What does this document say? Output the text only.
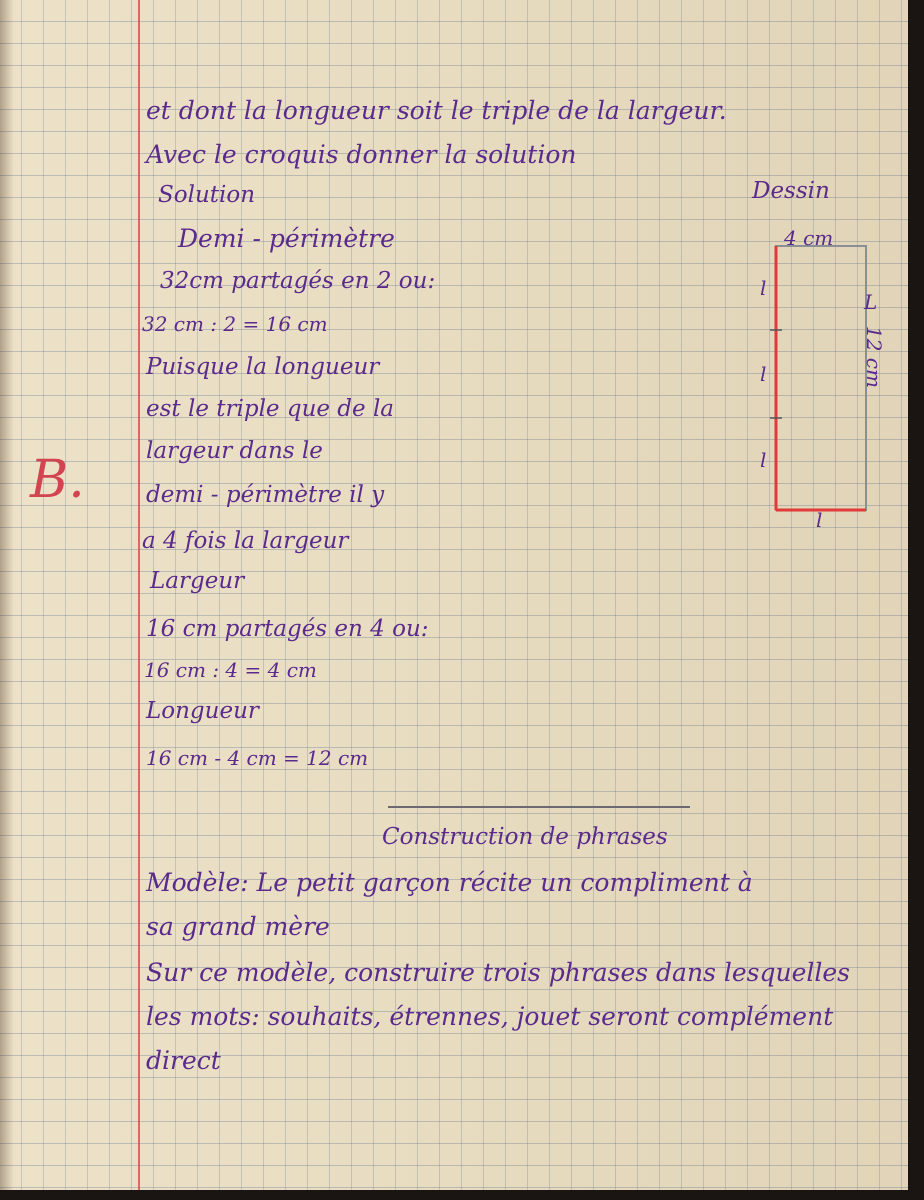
et dont la longueur soit le triple de la largeur.
Avec le croquis donner la solution
Solution
Demi - périmètre
32cm partagés en 2 ou:
32 cm : 2 = 16 cm
Puisque la longueur
est le triple que de la
largeur dans le
demi - périmètre il y
a 4 fois la largeur
Largeur
16 cm partagés en 4 ou:
16 cm : 4 = 4 cm
Longueur
16 cm - 4 cm = 12 cm
B.
Construction de phrases
Modèle: Le petit garçon récite un compliment à
sa grand mère
Sur ce modèle, construire trois phrases dans lesquelles
les mots: souhaits, étrennes, jouet seront complément
direct
Dessin
4 cm
12 cm
L
l
l
l
l
